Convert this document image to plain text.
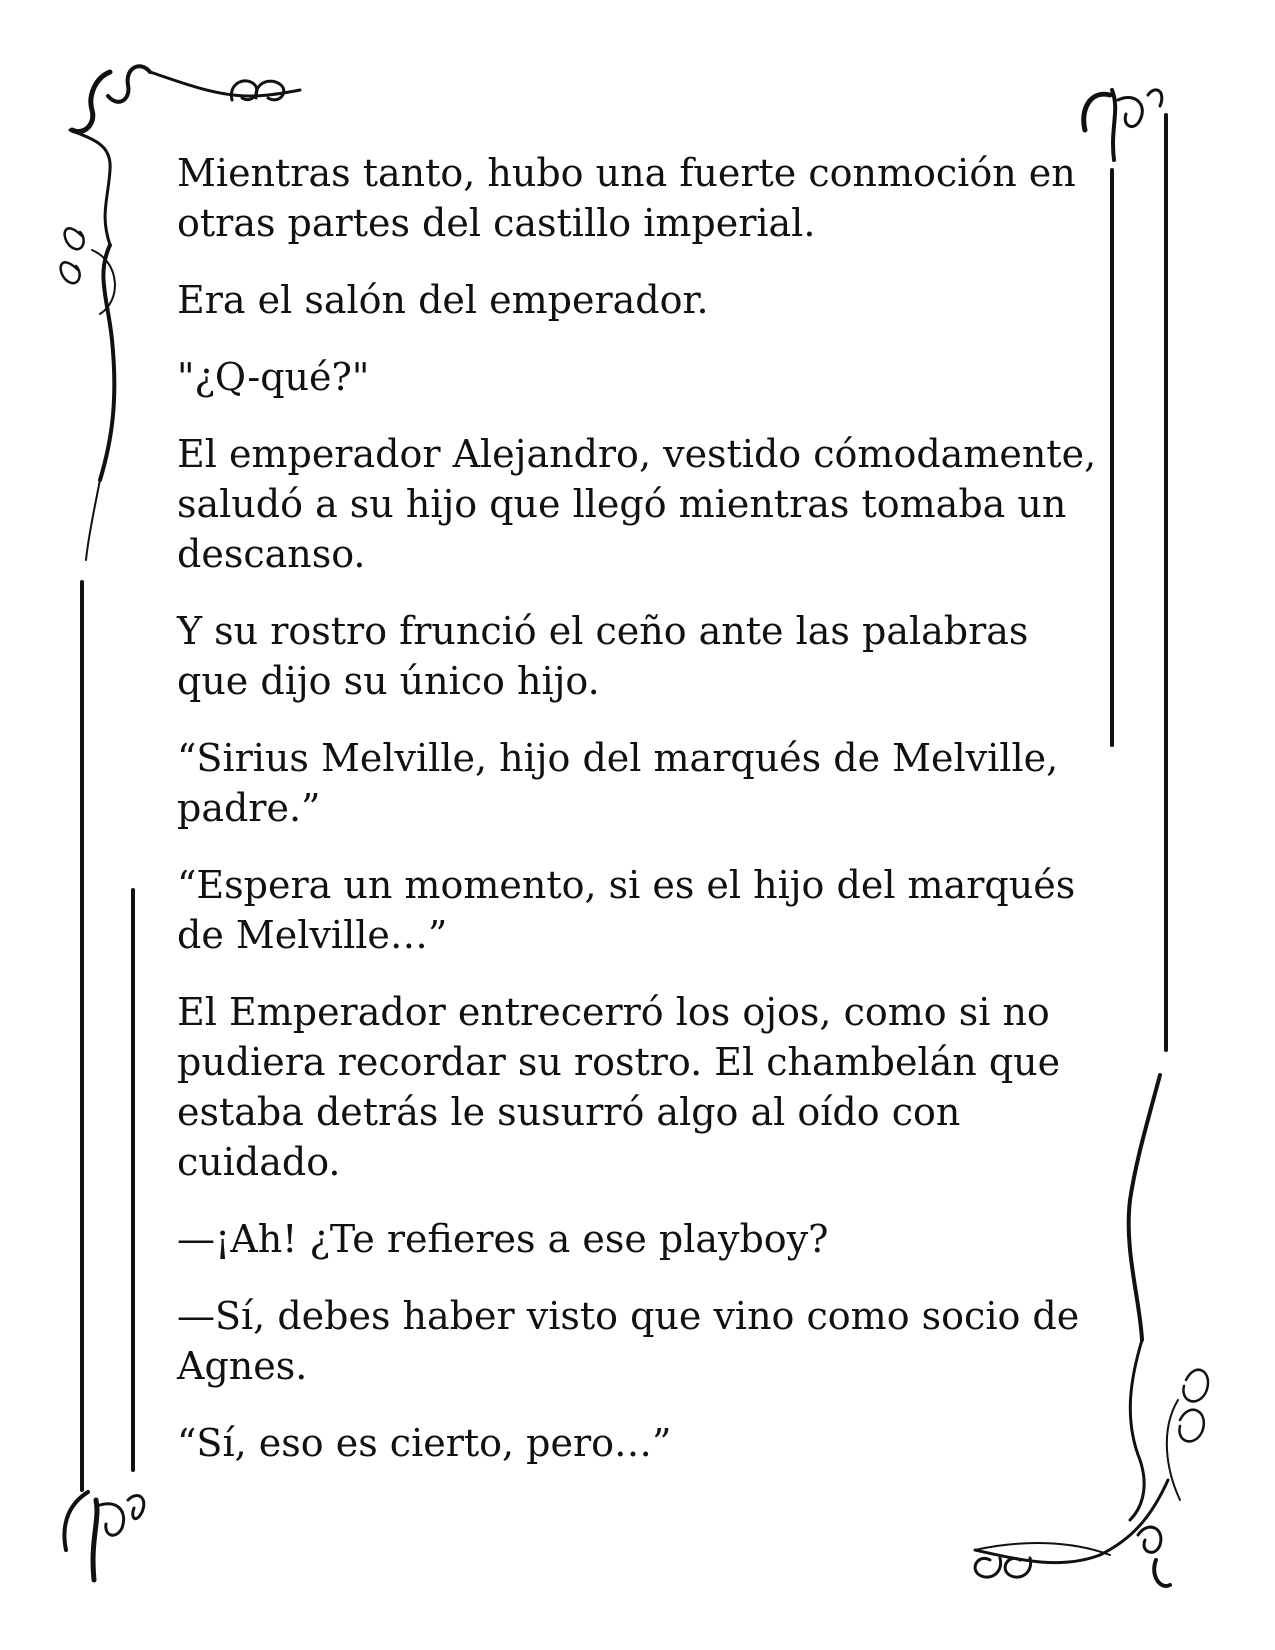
Mientras tanto, hubo una fuerte conmoción en otras partes del castillo imperial.

Era el salón del emperador.

"¿Q-qué?"

El emperador Alejandro, vestido cómodamente, saludó a su hijo que llegó mientras tomaba un descanso.

Y su rostro frunció el ceño ante las palabras que dijo su único hijo.

“Sirius Melville, hijo del marqués de Melville, padre.”

“Espera un momento, si es el hijo del marqués de Melville…”

El Emperador entrecerró los ojos, como si no pudiera recordar su rostro. El chambelán que estaba detrás le susurró algo al oído con cuidado.

—¡Ah! ¿Te refieres a ese playboy?

—Sí, debes haber visto que vino como socio de Agnes.

“Sí, eso es cierto, pero…”
